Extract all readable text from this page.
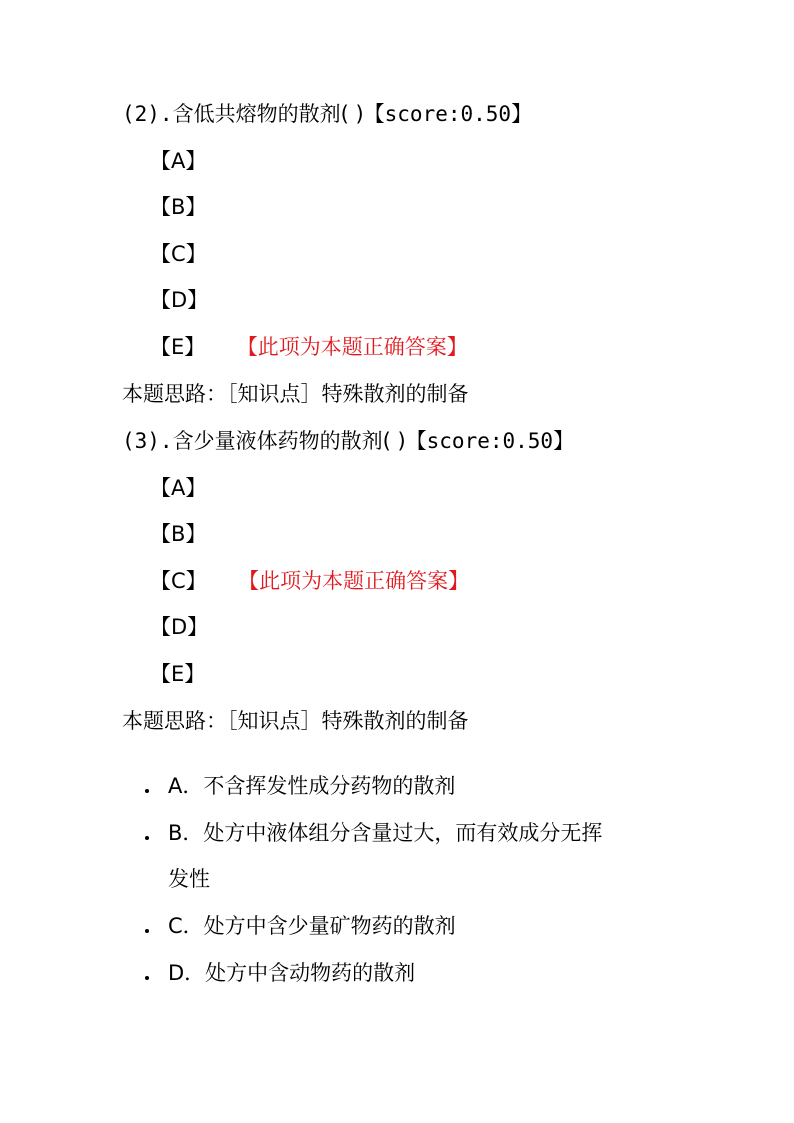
(2).含低共熔物的散剂( )【score:0.50】
【A】
【B】
【C】
【D】
【E】 【此项为本题正确答案】
本题思路：［知识点］特殊散剂的制备
(3).含少量液体药物的散剂( )【score:0.50】
【A】
【B】
【C】 【此项为本题正确答案】
【D】
【E】
本题思路：［知识点］特殊散剂的制备
A．不含挥发性成分药物的散剂
B．处方中液体组分含量过大，而有效成分无挥
发性
C．处方中含少量矿物药的散剂
D．处方中含动物药的散剂
